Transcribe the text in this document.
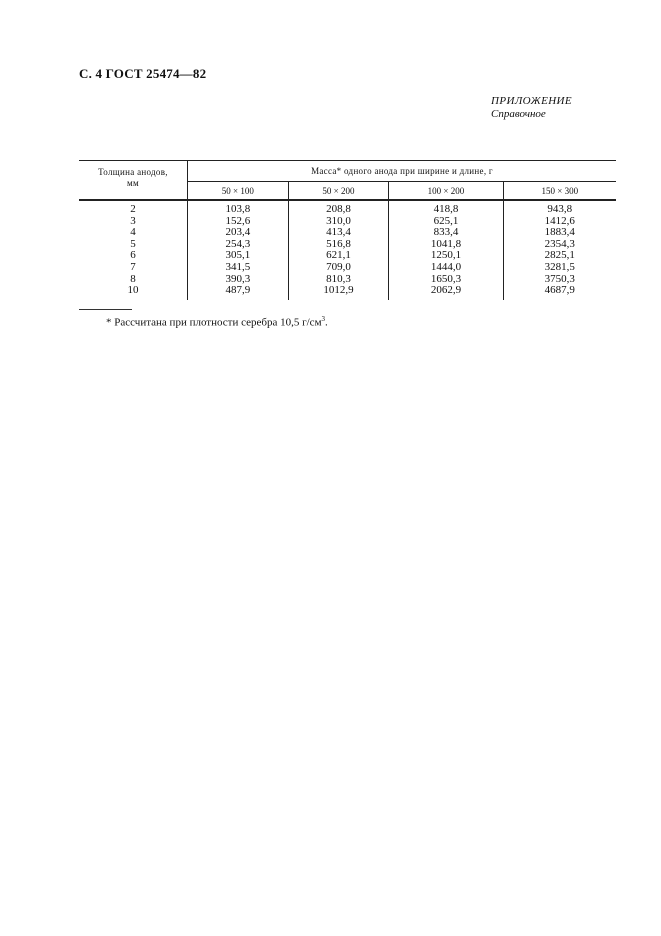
С. 4 ГОСТ 25474—82
ПРИЛОЖЕНИЕ
Справочное
Толщина анодов,
мм	Масса* одного анода при ширине и длине, г			
	50 × 100	50 × 200	100 × 200	150 × 300
2	103,8	208,8	418,8	943,8
3	152,6	310,0	625,1	1412,6
4	203,4	413,4	833,4	1883,4
5	254,3	516,8	1041,8	2354,3
6	305,1	621,1	1250,1	2825,1
7	341,5	709,0	1444,0	3281,5
8	390,3	810,3	1650,3	3750,3
10	487,9	1012,9	2062,9	4687,9
* Рассчитана при плотности серебра 10,5 $г/см^3$.
